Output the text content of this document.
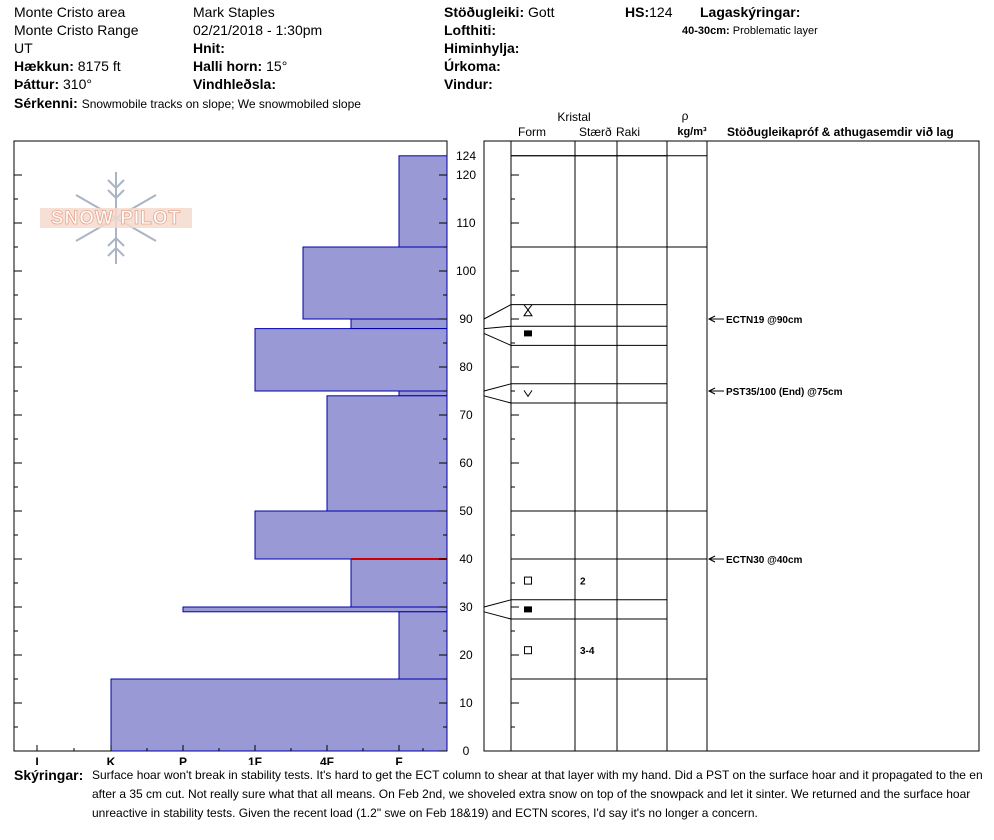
Monte Cristo area
Monte Cristo Range
UT
Hækkun: 8175 ft
Þáttur: 310°
Sérkenni: Snowmobile tracks on slope; We snowmobiled slope
Mark Staples
02/21/2018 - 1:30pm
Hnit:
Halli horn: 15°
Vindhleðsla:
Stöðugleiki: Gott
Lofthiti:
Himinhylja:
Úrkoma:
Vindur:
HS:124 Lagaskýringar:
40-30cm: Problematic layer
Kristal
Form	Stærð Raki
ρ
kg/m³ Stöðugleikapróf & athugasemdir við lag
I	K	P	1F	4F	F
0
10
20
30
40
50
60
70
80
90
100
110
120
124
2
3-4
ECTN19 @90cm
PST35/100 (End) @75cm
ECTN30 @40cm
SNOW PILOT
Skýringar: Surface hoar won't break in stability tests. It's hard to get the ECT column to shear at that layer with my hand. Did a PST on the surface hoar and it propagated to the en
after a 35 cm cut. Not really sure what that all means. On Feb 2nd, we shoveled extra snow on top of the snowpack and let it sinter. We returned and the surface hoar
unreactive in stability tests. Given the recent load (1.2" swe on Feb 18&19) and ECTN scores, I'd say it's no longer a concern.
